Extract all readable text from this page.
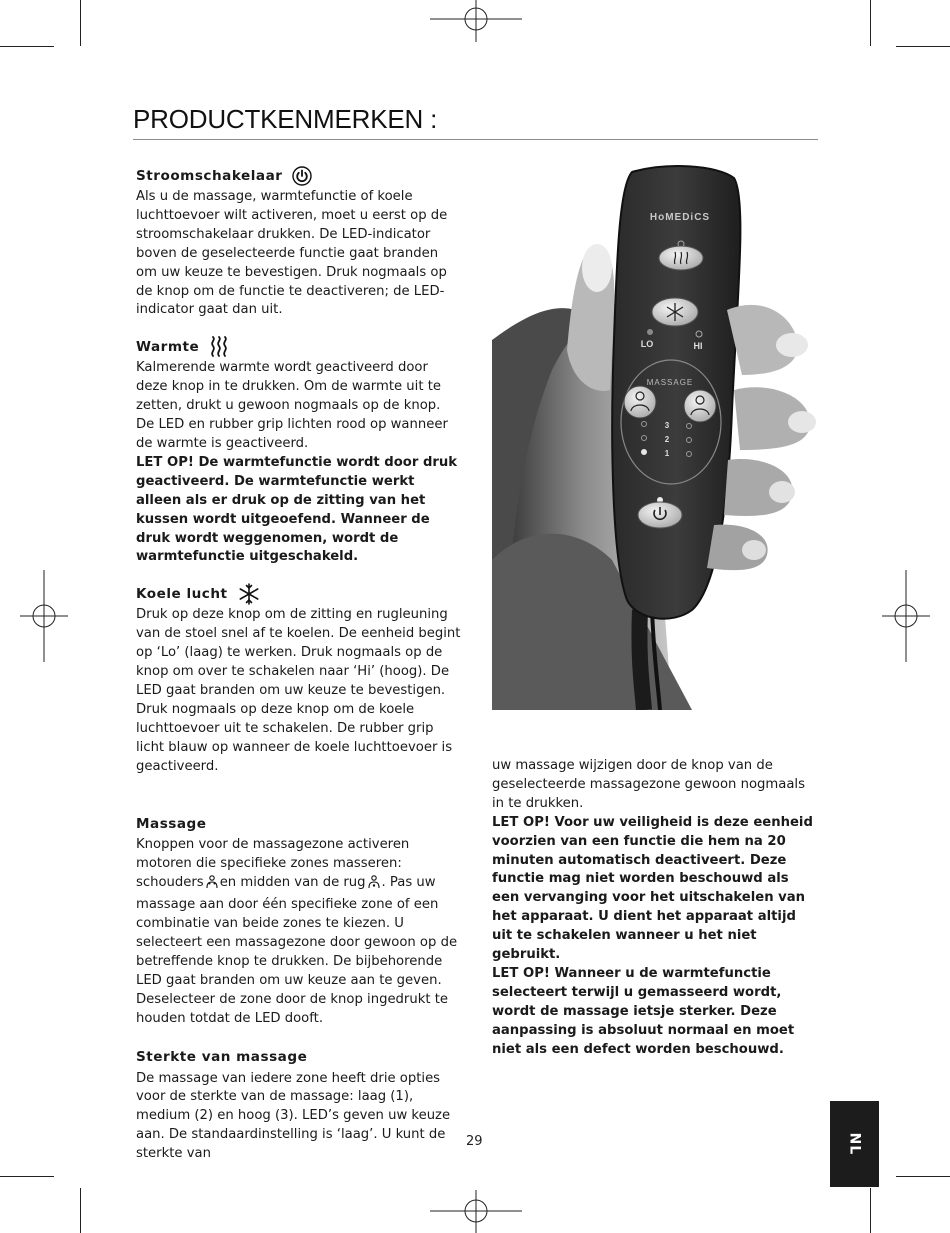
PRODUCTKENMERKEN :
Stroomschakelaar

Als u de massage, warmtefunctie of koele luchttoevoer wilt activeren, moet u eerst op de stroomschakelaar drukken. De LED-indicator boven de geselecteerde functie gaat branden om uw keuze te bevestigen. Druk nogmaals op de knop om de functie te deactiveren; de LED-indicator gaat dan uit.

Warmte

Kalmerende warmte wordt geactiveerd door deze knop in te drukken. Om de warmte uit te zetten, drukt u gewoon nogmaals op de knop. De LED en rubber grip lichten rood op wanneer de warmte is geactiveerd.

LET OP! De warmtefunctie wordt door druk geactiveerd. De warmtefunctie werkt alleen als er druk op de zitting van het kussen wordt uitgeoefend. Wanneer de druk wordt weggenomen, wordt de warmtefunctie uitgeschakeld.

Koele lucht

Druk op deze knop om de zitting en rugleuning van de stoel snel af te koelen. De eenheid begint op ‘Lo’ (laag) te werken. Druk nogmaals op de knop om over te schakelen naar ‘Hi’ (hoog). De LED gaat branden om uw keuze te bevestigen. Druk nogmaals op deze knop om de koele luchttoevoer uit te schakelen. De rubber grip licht blauw op wanneer de koele luchttoevoer is geactiveerd.

Massage

Knoppen voor de massagezone activeren motoren die specifieke zones masseren: schouders en midden van de rug . Pas uw massage aan door één specifieke zone of een combinatie van beide zones te kiezen. U selecteert een massagezone door gewoon op de betreffende knop te drukken. De bijbehorende LED gaat branden om uw keuze aan te geven. Deselecteer de zone door de knop ingedrukt te houden totdat de LED dooft.

Sterkte van massage

De massage van iedere zone heeft drie opties voor de sterkte van de massage: laag (1), medium (2) en hoog (3). LED’s geven uw keuze aan. De standaardinstelling is ‘laag’. U kunt de sterkte van

HoMEDiCS
LO	HI
MASSAGE
3
2
1

uw massage wijzigen door de knop van de geselecteerde massagezone gewoon nogmaals in te drukken.

LET OP! Voor uw veiligheid is deze eenheid voorzien van een functie die hem na 20 minuten automatisch deactiveert. Deze functie mag niet worden beschouwd als een vervanging voor het uitschakelen van het apparaat. U dient het apparaat altijd uit te schakelen wanneer u het niet gebruikt.

LET OP! Wanneer u de warmtefunctie selecteert terwijl u gemasseerd wordt, wordt de massage ietsje sterker. Deze aanpassing is absoluut normaal en moet niet als een defect worden beschouwd.

29	NL
